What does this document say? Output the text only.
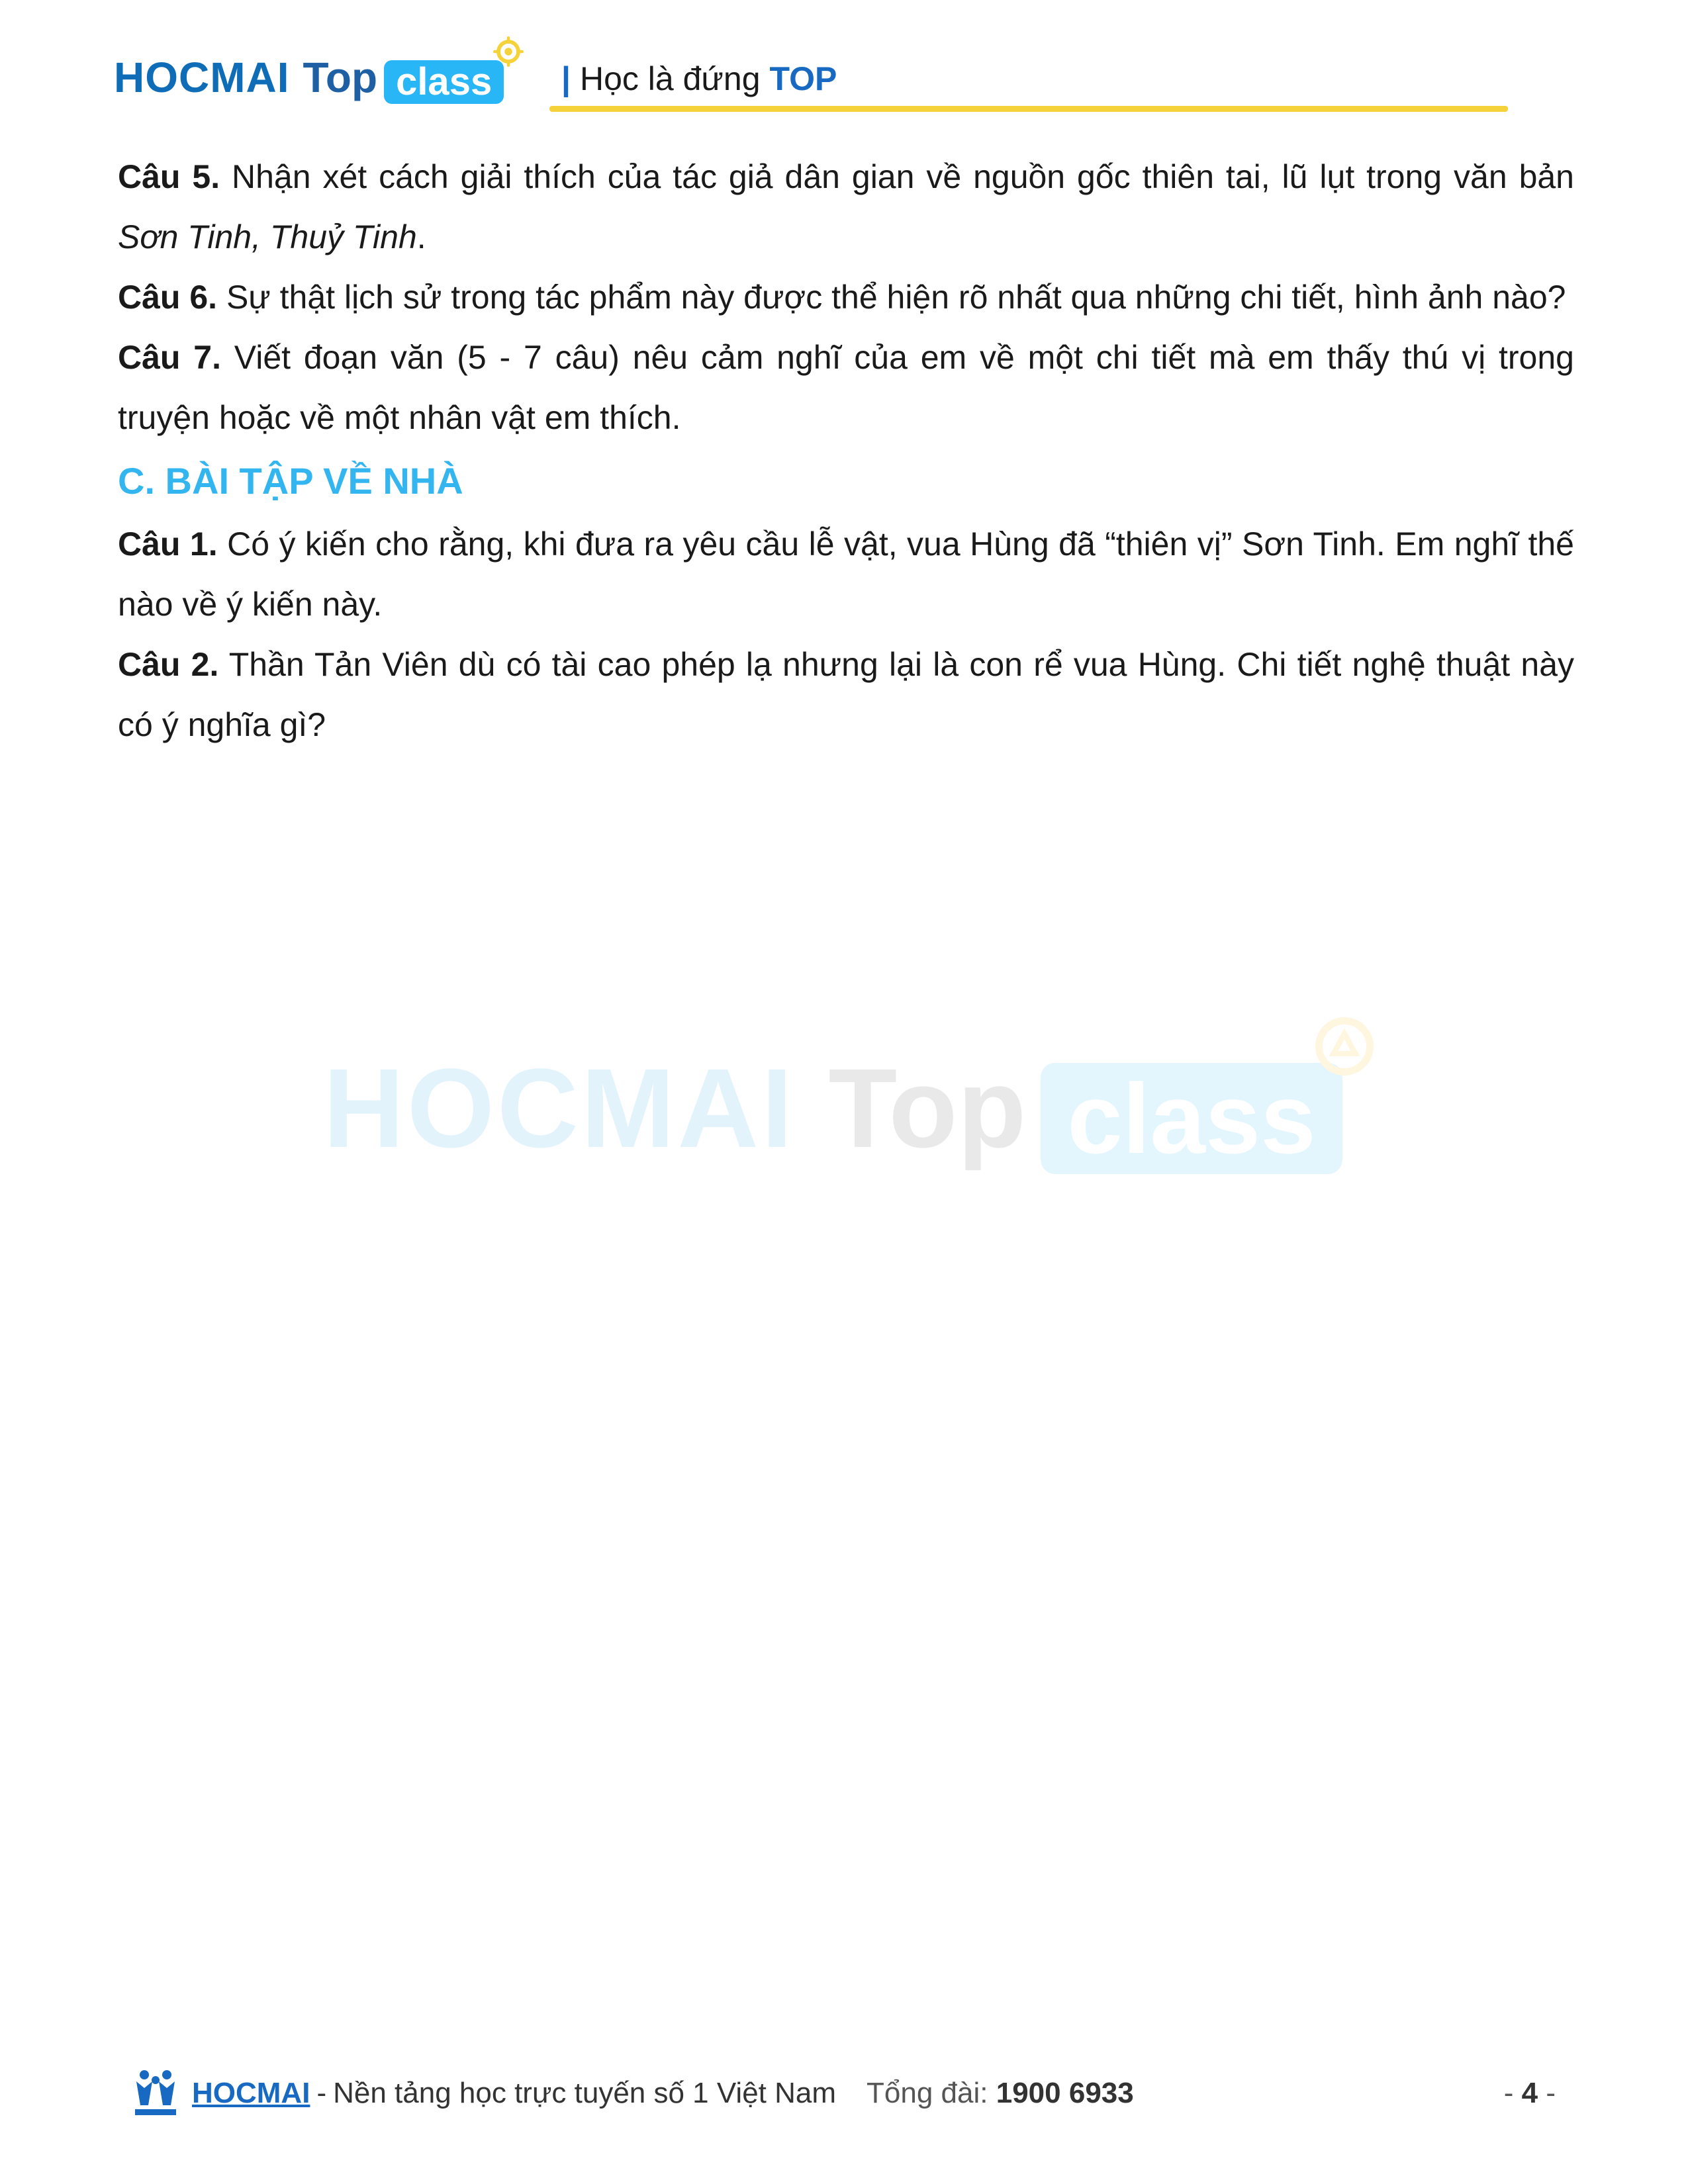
HOCMAI Top class | Học là đứng TOP
HOCMAI Top class

Câu 5. Nhận xét cách giải thích của tác giả dân gian về nguồn gốc thiên tai, lũ lụt trong văn bản Sơn Tinh, Thuỷ Tinh.

Câu 6. Sự thật lịch sử trong tác phẩm này được thể hiện rõ nhất qua những chi tiết, hình ảnh nào?

Câu 7. Viết đoạn văn (5 - 7 câu) nêu cảm nghĩ của em về một chi tiết mà em thấy thú vị trong truyện hoặc về một nhân vật em thích.

C. BÀI TẬP VỀ NHÀ

Câu 1. Có ý kiến cho rằng, khi đưa ra yêu cầu lễ vật, vua Hùng đã “thiên vị” Sơn Tinh. Em nghĩ thế nào về ý kiến này.

Câu 2. Thần Tản Viên dù có tài cao phép lạ nhưng lại là con rể vua Hùng. Chi tiết nghệ thuật này có ý nghĩa gì?

HOCMAI - Nền tảng học trực tuyến số 1 Việt Nam Tổng đài: 1900 6933	- 4 -
